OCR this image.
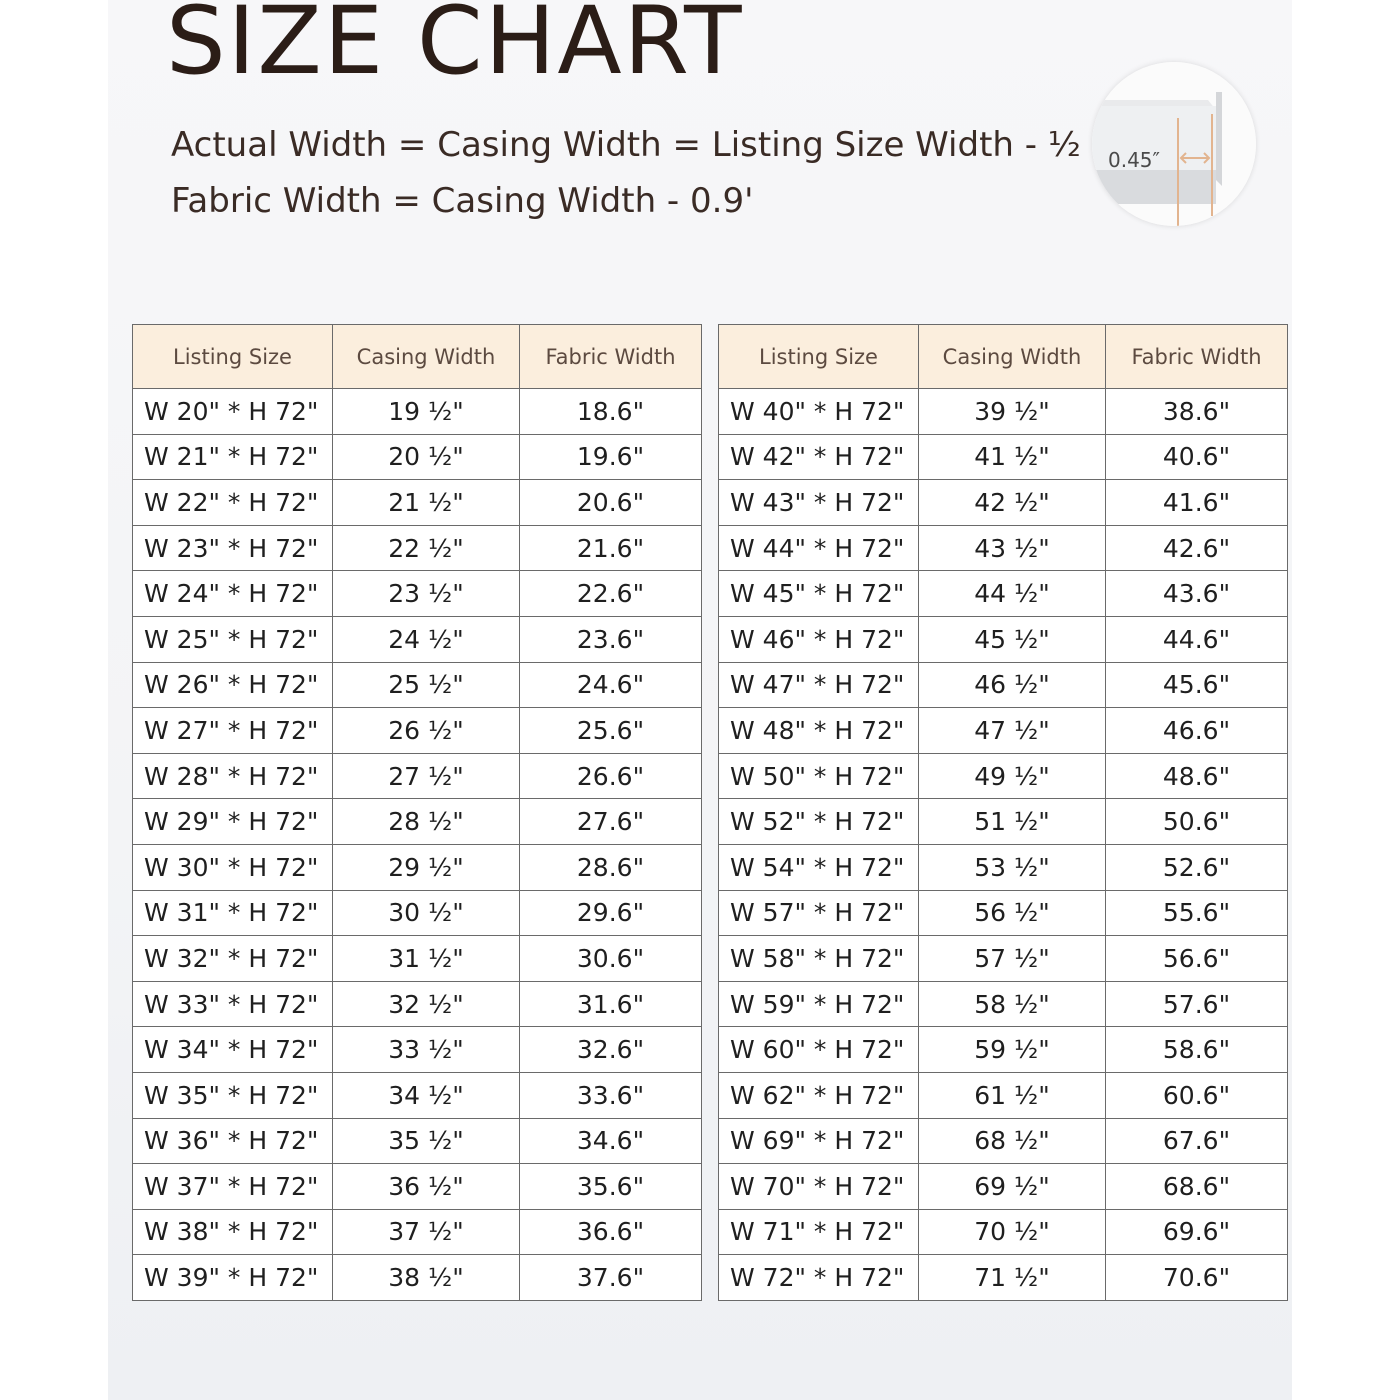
SIZE CHART

Actual Width = Casing Width = Listing Size Width - ½

Fabric Width = Casing Width - 0.9'

0.45″
Listing Size	Casing Width	Fabric Width
W 20" * H 72"	19 ½"	18.6"
W 21" * H 72"	20 ½"	19.6"
W 22" * H 72"	21 ½"	20.6"
W 23" * H 72"	22 ½"	21.6"
W 24" * H 72"	23 ½"	22.6"
W 25" * H 72"	24 ½"	23.6"
W 26" * H 72"	25 ½"	24.6"
W 27" * H 72"	26 ½"	25.6"
W 28" * H 72"	27 ½"	26.6"
W 29" * H 72"	28 ½"	27.6"
W 30" * H 72"	29 ½"	28.6"
W 31" * H 72"	30 ½"	29.6"
W 32" * H 72"	31 ½"	30.6"
W 33" * H 72"	32 ½"	31.6"
W 34" * H 72"	33 ½"	32.6"
W 35" * H 72"	34 ½"	33.6"
W 36" * H 72"	35 ½"	34.6"
W 37" * H 72"	36 ½"	35.6"
W 38" * H 72"	37 ½"	36.6"
W 39" * H 72"	38 ½"	37.6"
Listing Size	Casing Width	Fabric Width
W 40" * H 72"	39 ½"	38.6"
W 42" * H 72"	41 ½"	40.6"
W 43" * H 72"	42 ½"	41.6"
W 44" * H 72"	43 ½"	42.6"
W 45" * H 72"	44 ½"	43.6"
W 46" * H 72"	45 ½"	44.6"
W 47" * H 72"	46 ½"	45.6"
W 48" * H 72"	47 ½"	46.6"
W 50" * H 72"	49 ½"	48.6"
W 52" * H 72"	51 ½"	50.6"
W 54" * H 72"	53 ½"	52.6"
W 57" * H 72"	56 ½"	55.6"
W 58" * H 72"	57 ½"	56.6"
W 59" * H 72"	58 ½"	57.6"
W 60" * H 72"	59 ½"	58.6"
W 62" * H 72"	61 ½"	60.6"
W 69" * H 72"	68 ½"	67.6"
W 70" * H 72"	69 ½"	68.6"
W 71" * H 72"	70 ½"	69.6"
W 72" * H 72"	71 ½"	70.6"
